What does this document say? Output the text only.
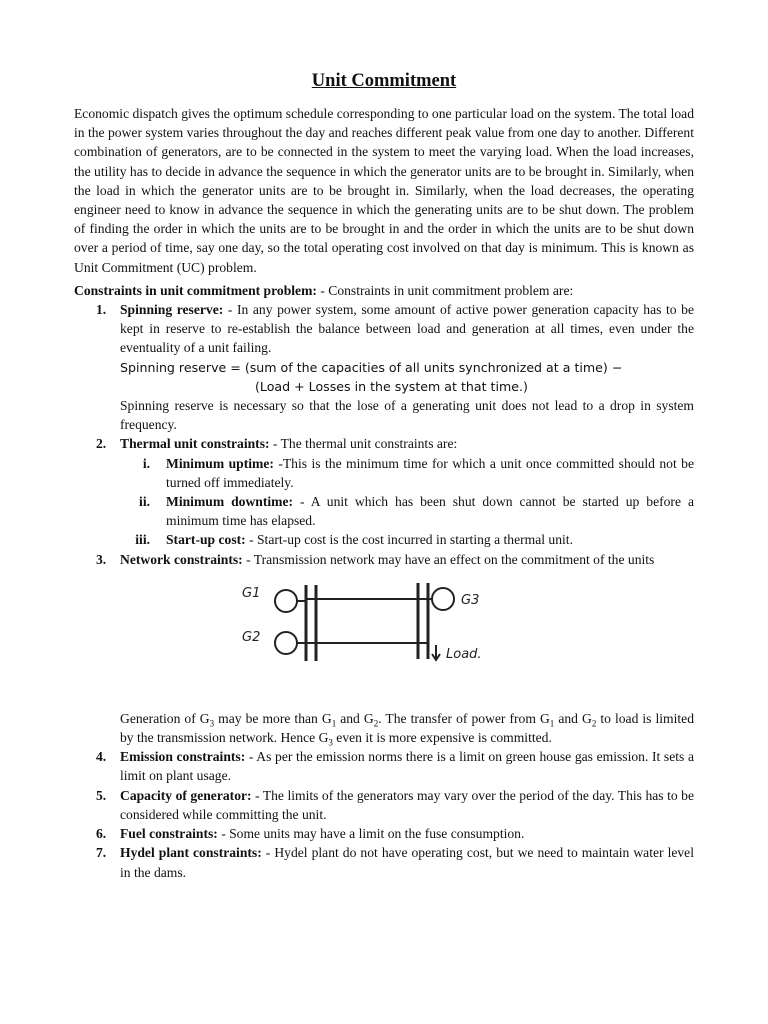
Unit Commitment

Economic dispatch gives the optimum schedule corresponding to one particular load on the system. The total load in the power system varies throughout the day and reaches different peak value from one day to another. Different combination of generators, are to be connected in the system to meet the varying load. When the load increases, the utility has to decide in advance the sequence in which the generator units are to be brought in. Similarly, when the load in which the generator units are to be brought in. Similarly, when the load decreases, the operating engineer need to know in advance the sequence in which the generating units are to be shut down. The problem of finding the order in which the units are to be brought in and the order in which the units are to be shut down over a period of time, say one day, so the total operating cost involved on that day is minimum. This is known as Unit Commitment (UC) problem.

Constraints in unit commitment problem: - Constraints in unit commitment problem are:

1. Spinning reserve: - In any power system, some amount of active power generation capacity has to be kept in reserve to re-establish the balance between load and generation at all times, even under the eventuality of a unit failing.
Spinning reserve = (sum of the capacities of all units synchronized at a time) −
(Load + Losses in the system at that time.)

Spinning reserve is necessary so that the lose of a generating unit does not lead to a drop in system frequency.

2. Thermal unit constraints: - The thermal unit constraints are:
i. Minimum uptime: -This is the minimum time for which a unit once committed should not be turned off immediately.
ii. Minimum downtime: - A unit which has been shut down cannot be started up before a minimum time has elapsed.
iii. Start-up cost: - Start-up cost is the cost incurred in starting a thermal unit.
3. Network constraints: - Transmission network may have an effect on the commitment of the units
G1
G2
G3
Load.

Generation of $G_3$ may be more than $G_1$ and $G_2$. The transfer of power from $G_1$ and $G_2$ to load is limited by the transmission network. Hence $G_3$ even it is more expensive is committed.

4. Emission constraints: - As per the emission norms there is a limit on green house gas emission. It sets a limit on plant usage.
5. Capacity of generator: - The limits of the generators may vary over the period of the day. This has to be considered while committing the unit.
6. Fuel constraints: - Some units may have a limit on the fuse consumption.
7. Hydel plant constraints: - Hydel plant do not have operating cost, but we need to maintain water level in the dams.
